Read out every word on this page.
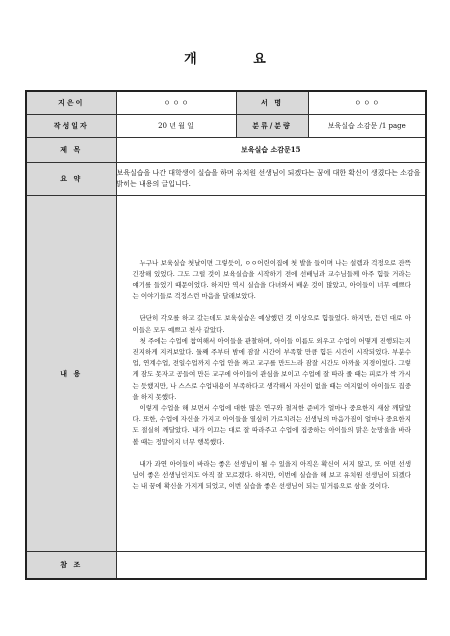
개 요
지은이	ㅇ ㅇ ㅇ	서 명	ㅇ ㅇ ㅇ
작성일자	20 년 월 일	분류/분량	보육실습 소감문 /1 page
제 목	보육실습 소감문15		
요 약	보육실습을 나간 대학생이 실습을 하며 유치원 선생님이 되겠다는 꿈에 대한 확신이 생겼다는 소감을 밝히는 내용의 글입니다.		
내 용	누구나 보육실습 첫날이면 그렇듯이, ㅇㅇ어린이집에 첫 발을 들이며 나는 설렘과 걱정으로 잔뜩 긴장해 있었다. 그도 그럴 것이 보육실습을 시작하기 전에 선배님과 교수님들께 아주 힘들 거라는 얘기를 들었기 때문이었다. 하지만 역시 실습을 다녀와서 배운 것이 많았고, 아이들이 너무 예쁘다는 이야기들로 걱정스런 마음을 달래보았다.

단단히 각오를 하고 갔는데도 보육실습은 예상했던 것 이상으로 힘들었다. 하지만, 듣던 대로 아이들은 모두 예쁘고 천사 같았다.

첫 주에는 수업에 참여해서 아이들을 관찰하며, 아이들 이름도 외우고 수업이 어떻게 진행되는지 진지하게 지켜보았다. 둘째 주부터 밤에 잠잘 시간이 부족할 만큼 힘든 시간이 시작되었다. 부분수업, 연계수업, 전일수업까지 수업 안을 짜고 교구를 만드느라 잠잘 시간도 아까울 지경이었다. 그렇게 잠도 못자고 공들여 만든 교구에 아이들이 관심을 보이고 수업에 잘 따라 줄 때는 피로가 싹 가시는 듯했지만, 나 스스로 수업내용이 부족하다고 생각해서 자신이 없을 때는 여지없이 아이들도 집중을 하지 못했다.

이렇게 수업을 해 보면서 수업에 대한 많은 연구와 철저한 준비가 얼마나 중요한지 새삼 깨달았다. 또한, 수업에 자신을 가지고 아이들을 열심히 가르치려는 선생님의 마음가짐이 얼마나 중요한지도 절실히 깨달았다. 내가 이끄는 대로 잘 따라주고 수업에 집중하는 아이들의 맑은 눈망울을 바라볼 때는 정말이지 너무 행복했다.

내가 과연 아이들이 바라는 좋은 선생님이 될 수 있을지 아직은 확신이 서지 않고, 또 어떤 선생님이 좋은 선생님인지도 아직 잘 모르겠다. 하지만, 이번에 실습을 해 보고 유치원 선생님이 되겠다는 내 꿈에 확신을 가지게 되었고, 이번 실습을 좋은 선생님이 되는 밑거름으로 삼을 것이다.		

참 조			
